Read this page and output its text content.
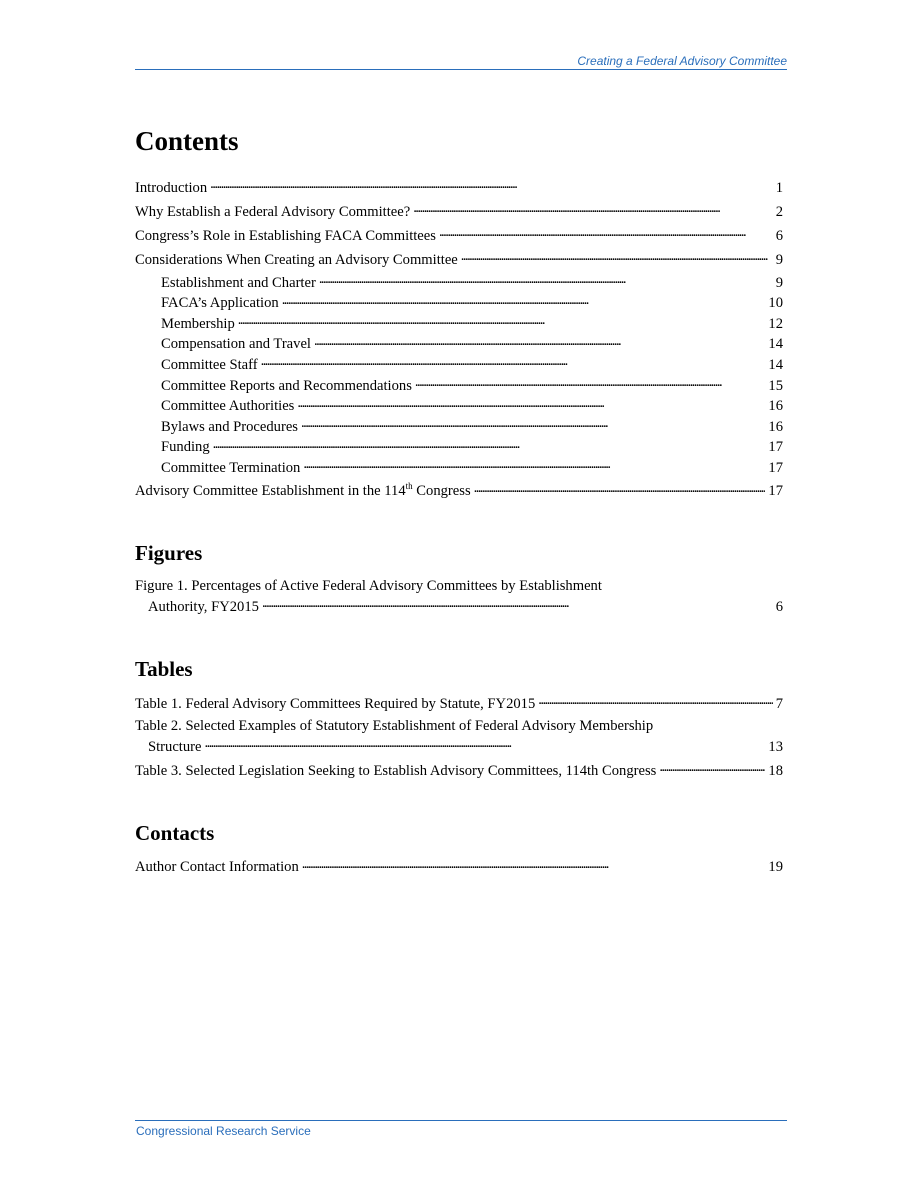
Creating a Federal Advisory Committee
Contents
Introduction . . .	1
Why Establish a Federal Advisory Committee? . . .	2
Congress’s Role in Establishing FACA Committees . . .	6
Considerations When Creating an Advisory Committee . . .	9
Establishment and Charter . . .	9
FACA’s Application . . .	10
Membership . . .	12
Compensation and Travel . . .	14
Committee Staff . . .	14
Committee Reports and Recommendations . . .	15
Committee Authorities . . .	16
Bylaws and Procedures . . .	16
Funding . . .	17
Committee Termination . . .	17
Advisory Committee Establishment in the 114th Congress . . .	17
Figures
Figure 1. Percentages of Active Federal Advisory Committees by Establishment
Authority, FY2015 . . .	6
Tables
Table 1. Federal Advisory Committees Required by Statute, FY2015 . . .	7
Table 2. Selected Examples of Statutory Establishment of Federal Advisory Membership
Structure . . .	13
Table 3. Selected Legislation Seeking to Establish Advisory Committees, 114th Congress . . .	18
Contacts
Author Contact Information . . .	19
Congressional Research Service
